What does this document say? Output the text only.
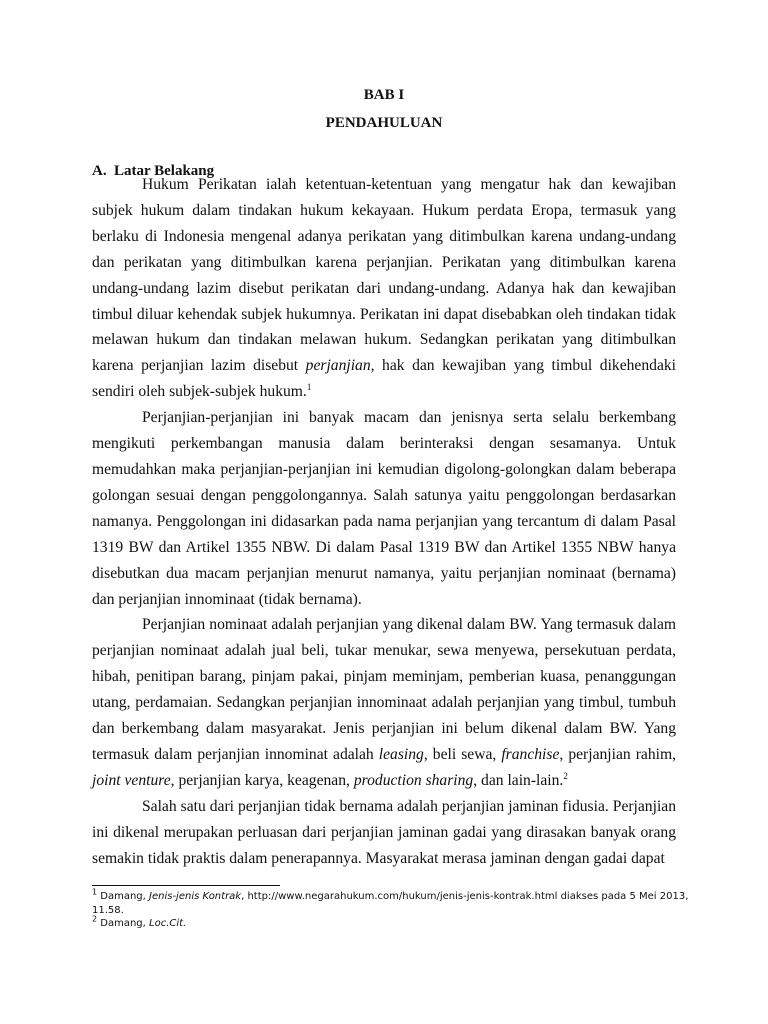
BAB I
PENDAHULUAN
A. Latar Belakang

Hukum Perikatan ialah ketentuan-ketentuan yang mengatur hak dan kewajiban subjek hukum dalam tindakan hukum kekayaan. Hukum perdata Eropa, termasuk yang berlaku di Indonesia mengenal adanya perikatan yang ditimbulkan karena undang-undang dan perikatan yang ditimbulkan karena perjanjian. Perikatan yang ditimbulkan karena undang-undang lazim disebut perikatan dari undang-undang. Adanya hak dan kewajiban timbul diluar kehendak subjek hukumnya. Perikatan ini dapat disebabkan oleh tindakan tidak melawan hukum dan tindakan melawan hukum. Sedangkan perikatan yang ditimbulkan karena perjanjian lazim disebut perjanjian, hak dan kewajiban yang timbul dikehendaki sendiri oleh subjek-subjek hukum.$^1$

Perjanjian-perjanjian ini banyak macam dan jenisnya serta selalu berkembang mengikuti perkembangan manusia dalam berinteraksi dengan sesamanya. Untuk memudahkan maka perjanjian-perjanjian ini kemudian digolong-golongkan dalam beberapa golongan sesuai dengan penggolongannya. Salah satunya yaitu penggolongan berdasarkan namanya. Penggolongan ini didasarkan pada nama perjanjian yang tercantum di dalam Pasal 1319 BW dan Artikel 1355 NBW. Di dalam Pasal 1319 BW dan Artikel 1355 NBW hanya disebutkan dua macam perjanjian menurut namanya, yaitu perjanjian nominaat (bernama) dan perjanjian innominaat (tidak bernama).

Perjanjian nominaat adalah perjanjian yang dikenal dalam BW. Yang termasuk dalam perjanjian nominaat adalah jual beli, tukar menukar, sewa menyewa, persekutuan perdata, hibah, penitipan barang, pinjam pakai, pinjam meminjam, pemberian kuasa, penanggungan utang, perdamaian. Sedangkan perjanjian innominaat adalah perjanjian yang timbul, tumbuh dan berkembang dalam masyarakat. Jenis perjanjian ini belum dikenal dalam BW. Yang termasuk dalam perjanjian innominat adalah leasing, beli sewa, franchise, perjanjian rahim, joint venture, perjanjian karya, keagenan, production sharing, dan lain-lain.$^2$

Salah satu dari perjanjian tidak bernama adalah perjanjian jaminan fidusia. Perjanjian ini dikenal merupakan perluasan dari perjanjian jaminan gadai yang dirasakan banyak orang semakin tidak praktis dalam penerapannya. Masyarakat merasa jaminan dengan gadai dapat

$^1$ Damang, Jenis-jenis Kontrak, http://www.negarahukum.com/hukum/jenis-jenis-kontrak.html diakses pada 5 Mei 2013, 11.58.
$^2$ Damang, Loc.Cit.
